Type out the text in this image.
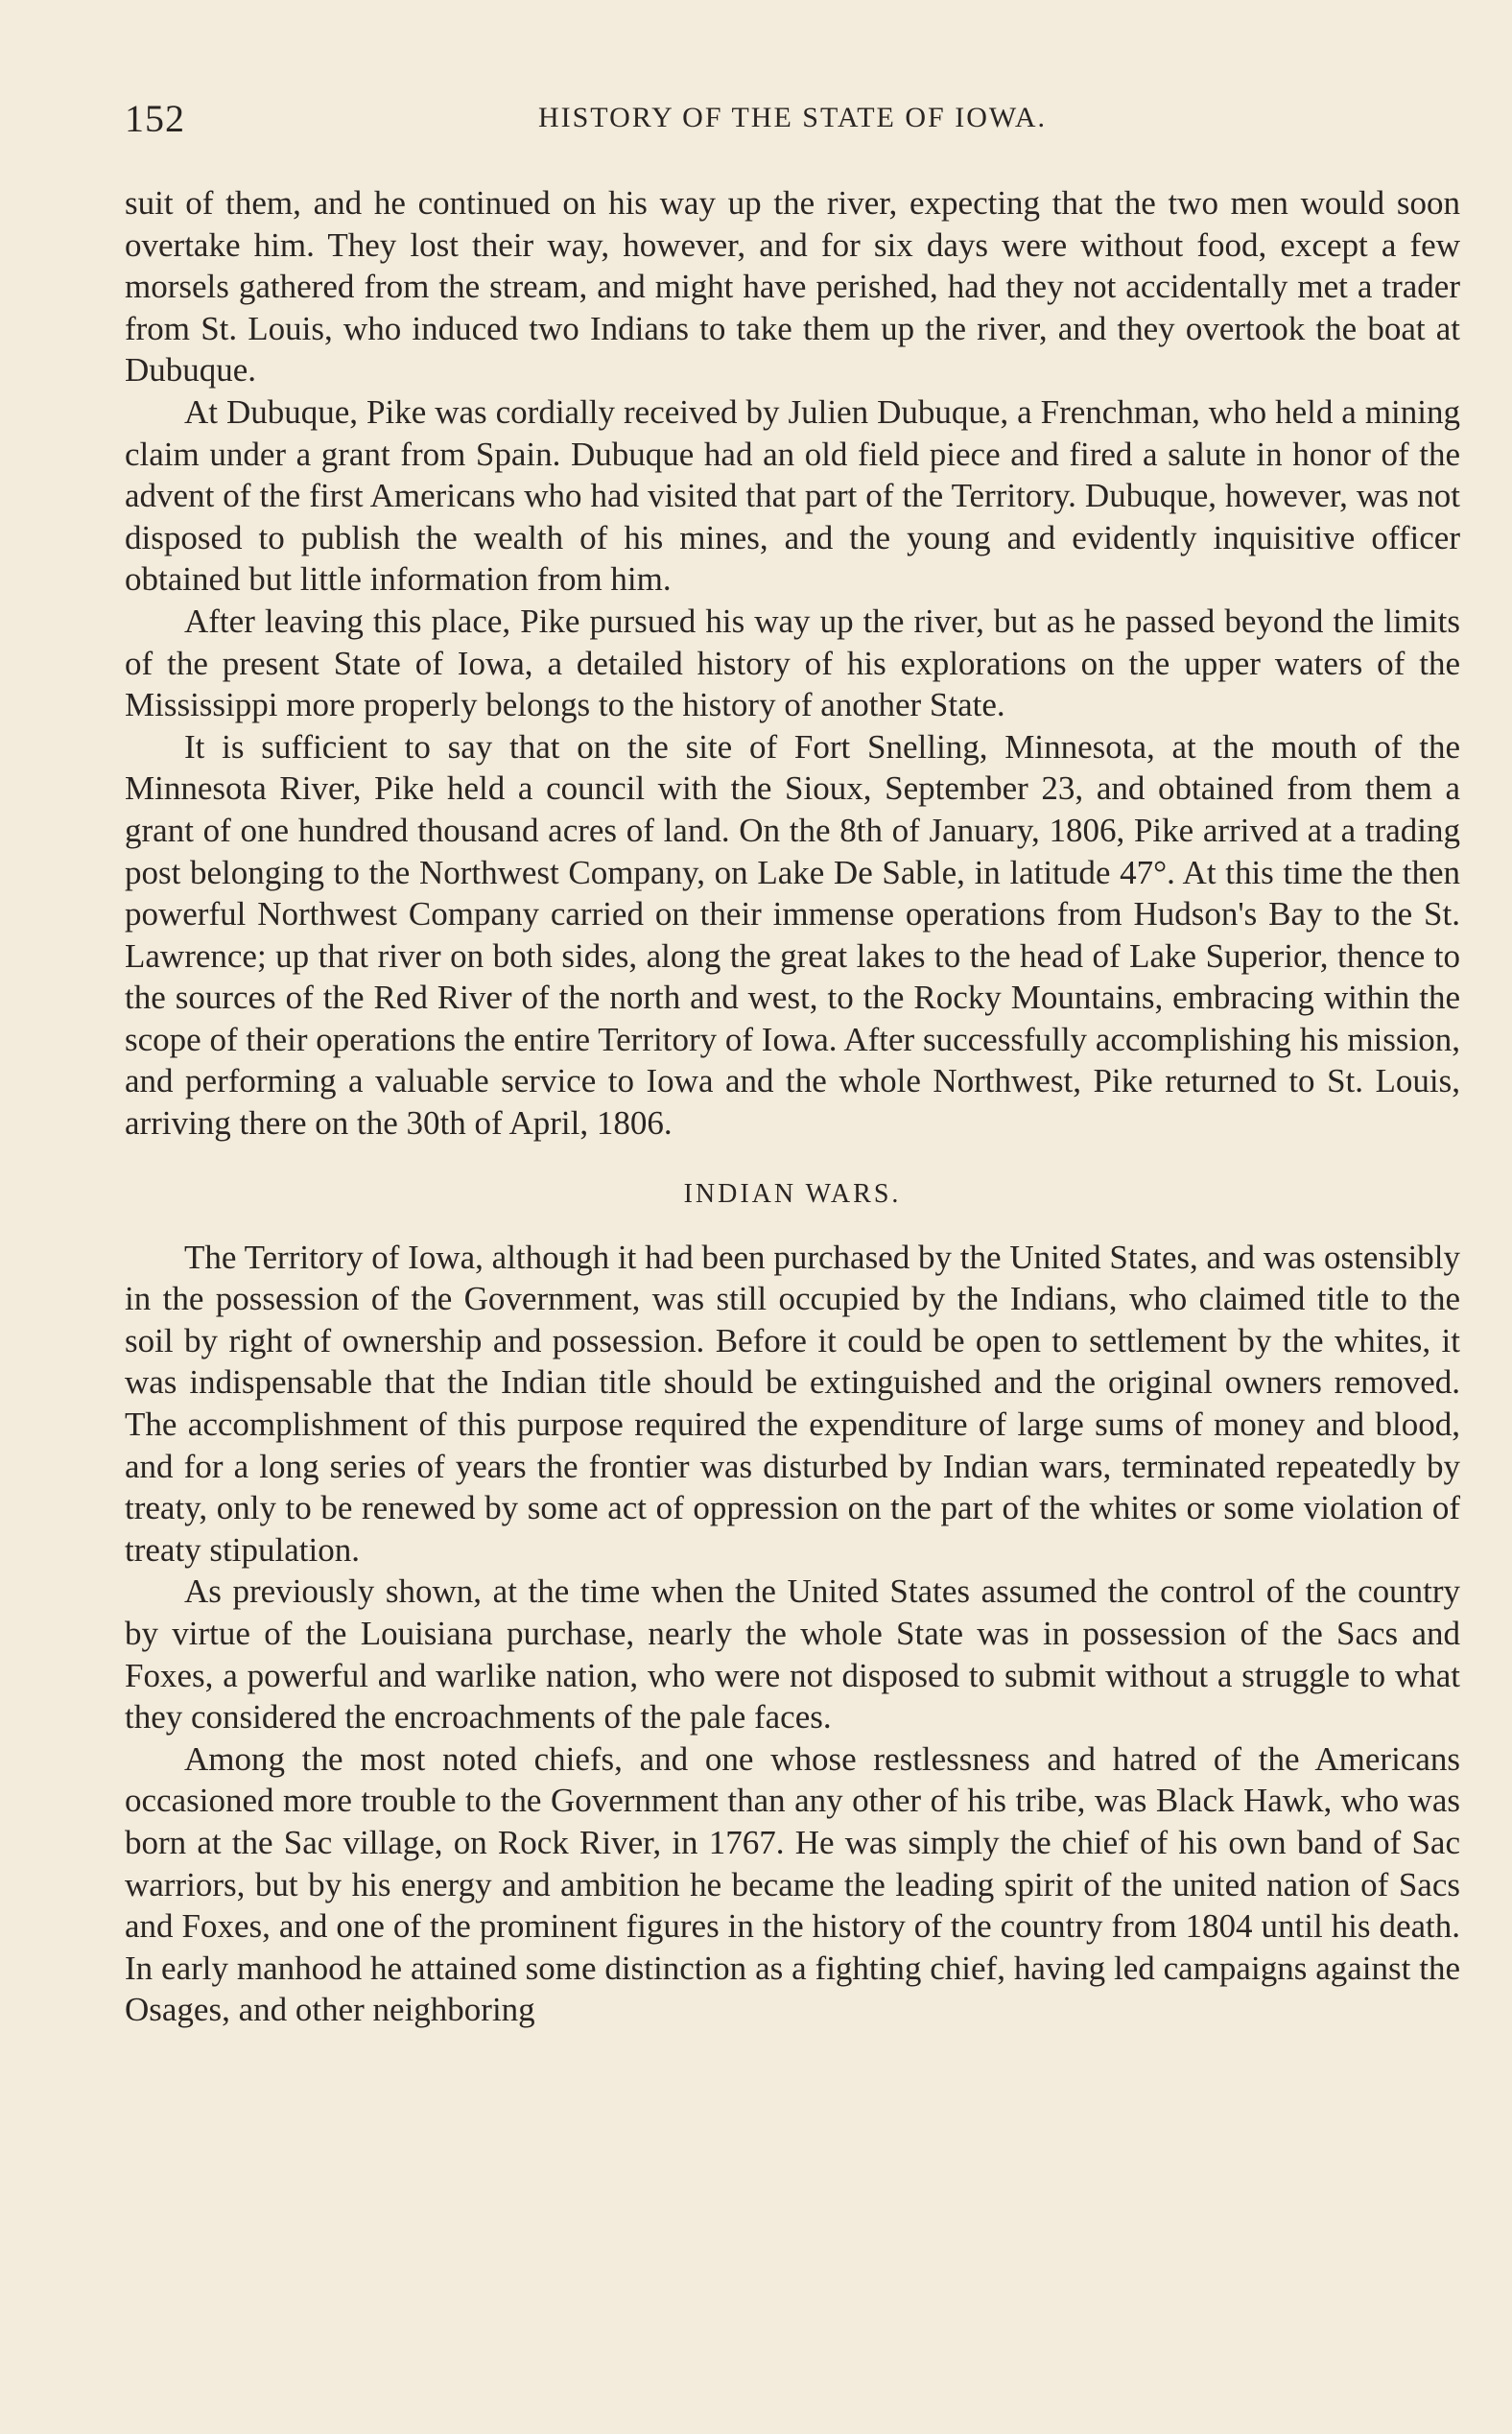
152	HISTORY OF THE STATE OF IOWA.

suit of them, and he continued on his way up the river, expecting that the two men would soon overtake him. They lost their way, however, and for six days were without food, except a few morsels gathered from the stream, and might have perished, had they not accidentally met a trader from St. Louis, who induced two Indians to take them up the river, and they overtook the boat at Dubuque.

At Dubuque, Pike was cordially received by Julien Dubuque, a Frenchman, who held a mining claim under a grant from Spain. Dubuque had an old field piece and fired a salute in honor of the advent of the first Americans who had visited that part of the Territory. Dubuque, however, was not disposed to publish the wealth of his mines, and the young and evidently inquisitive officer obtained but little information from him.

After leaving this place, Pike pursued his way up the river, but as he passed beyond the limits of the present State of Iowa, a detailed history of his explorations on the upper waters of the Mississippi more properly belongs to the history of another State.

It is sufficient to say that on the site of Fort Snelling, Minnesota, at the mouth of the Minnesota River, Pike held a council with the Sioux, September 23, and obtained from them a grant of one hundred thousand acres of land. On the 8th of January, 1806, Pike arrived at a trading post belonging to the Northwest Company, on Lake De Sable, in latitude 47°. At this time the then powerful Northwest Company carried on their immense operations from Hudson's Bay to the St. Lawrence; up that river on both sides, along the great lakes to the head of Lake Superior, thence to the sources of the Red River of the north and west, to the Rocky Mountains, embracing within the scope of their operations the entire Territory of Iowa. After successfully accomplishing his mission, and performing a valuable service to Iowa and the whole Northwest, Pike returned to St. Louis, arriving there on the 30th of April, 1806.

INDIAN WARS.

The Territory of Iowa, although it had been purchased by the United States, and was ostensibly in the possession of the Government, was still occupied by the Indians, who claimed title to the soil by right of ownership and possession. Before it could be open to settlement by the whites, it was indispensable that the Indian title should be extinguished and the original owners removed. The accomplishment of this purpose required the expenditure of large sums of money and blood, and for a long series of years the frontier was disturbed by Indian wars, terminated repeatedly by treaty, only to be renewed by some act of oppression on the part of the whites or some violation of treaty stipulation.

As previously shown, at the time when the United States assumed the control of the country by virtue of the Louisiana purchase, nearly the whole State was in possession of the Sacs and Foxes, a powerful and warlike nation, who were not disposed to submit without a struggle to what they considered the encroachments of the pale faces.

Among the most noted chiefs, and one whose restlessness and hatred of the Americans occasioned more trouble to the Government than any other of his tribe, was Black Hawk, who was born at the Sac village, on Rock River, in 1767. He was simply the chief of his own band of Sac warriors, but by his energy and ambition he became the leading spirit of the united nation of Sacs and Foxes, and one of the prominent figures in the history of the country from 1804 until his death. In early manhood he attained some distinction as a fighting chief, having led campaigns against the Osages, and other neighboring
